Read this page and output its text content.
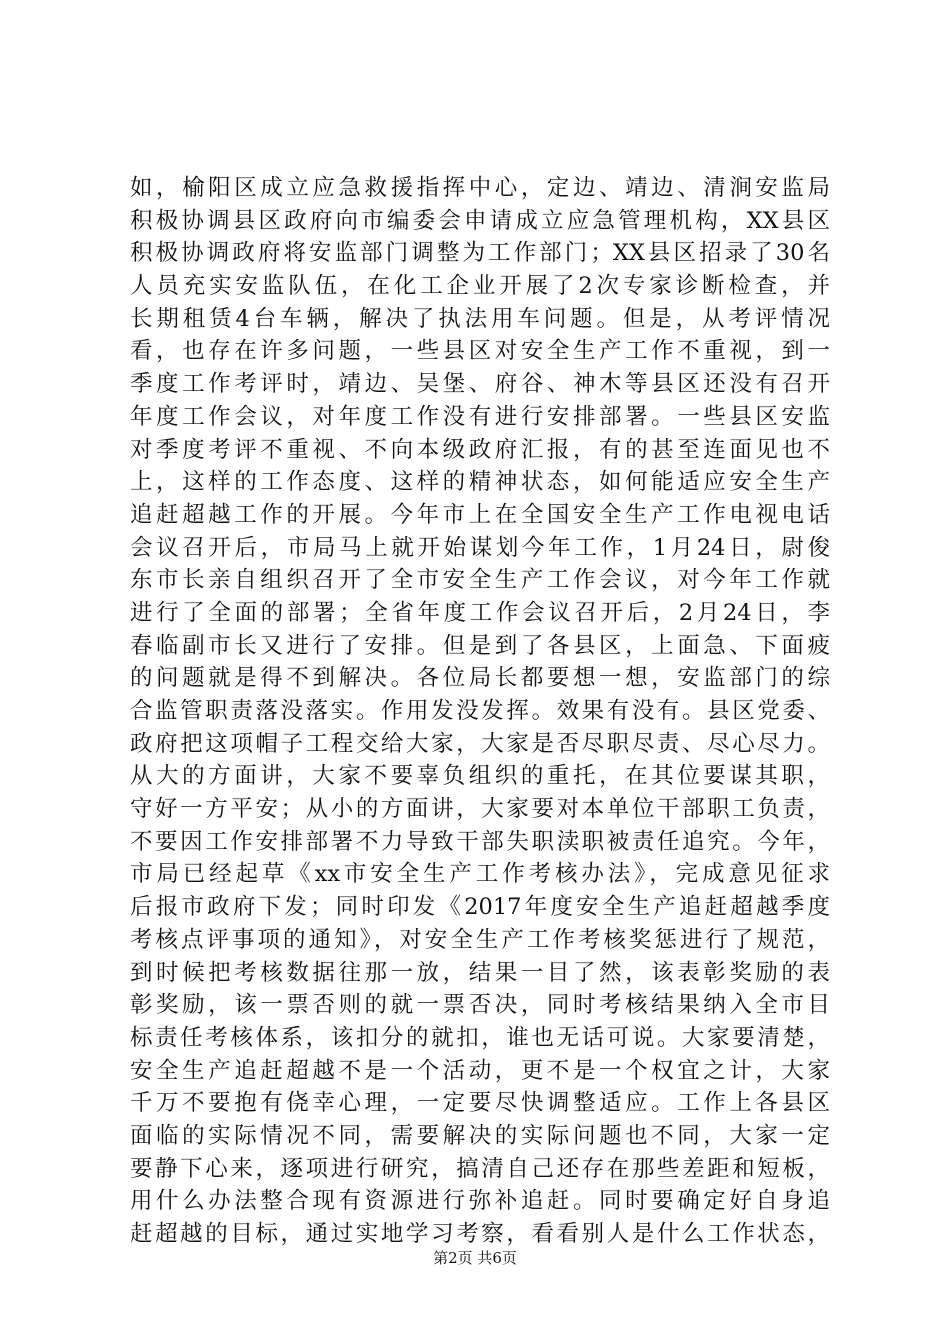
如，榆阳区成立应急救援指挥中心，定边、靖边、清涧安监局
积极协调县区政府向市编委会申请成立应急管理机构，XX县区
积极协调政府将安监部门调整为工作部门；XX县区招录了30名
人员充实安监队伍，在化工企业开展了2次专家诊断检查，并
长期租赁4台车辆，解决了执法用车问题。但是，从考评情况
看，也存在许多问题，一些县区对安全生产工作不重视，到一
季度工作考评时，靖边、吴堡、府谷、神木等县区还没有召开
年度工作会议，对年度工作没有进行安排部署。一些县区安监
对季度考评不重视、不向本级政府汇报，有的甚至连面见也不
上，这样的工作态度、这样的精神状态，如何能适应安全生产
追赶超越工作的开展。今年市上在全国安全生产工作电视电话
会议召开后，市局马上就开始谋划今年工作，1月24日，尉俊
东市长亲自组织召开了全市安全生产工作会议，对今年工作就
进行了全面的部署；全省年度工作会议召开后，2月24日，李
春临副市长又进行了安排。但是到了各县区，上面急、下面疲
的问题就是得不到解决。各位局长都要想一想，安监部门的综
合监管职责落没落实。作用发没发挥。效果有没有。县区党委、
政府把这项帽子工程交给大家，大家是否尽职尽责、尽心尽力。
从大的方面讲，大家不要辜负组织的重托，在其位要谋其职，
守好一方平安；从小的方面讲，大家要对本单位干部职工负责，
不要因工作安排部署不力导致干部失职渎职被责任追究。今年，
市局已经起草《xx市安全生产工作考核办法》，完成意见征求
后报市政府下发；同时印发《2017年度安全生产追赶超越季度
考核点评事项的通知》，对安全生产工作考核奖惩进行了规范，
到时候把考核数据往那一放，结果一目了然，该表彰奖励的表
彰奖励，该一票否则的就一票否决，同时考核结果纳入全市目
标责任考核体系，该扣分的就扣，谁也无话可说。大家要清楚，
安全生产追赶超越不是一个活动，更不是一个权宜之计，大家
千万不要抱有侥幸心理，一定要尽快调整适应。工作上各县区
面临的实际情况不同，需要解决的实际问题也不同，大家一定
要静下心来，逐项进行研究，搞清自己还存在那些差距和短板，
用什么办法整合现有资源进行弥补追赶。同时要确定好自身追
赶超越的目标，通过实地学习考察，看看别人是什么工作状态，
第2页 共6页
